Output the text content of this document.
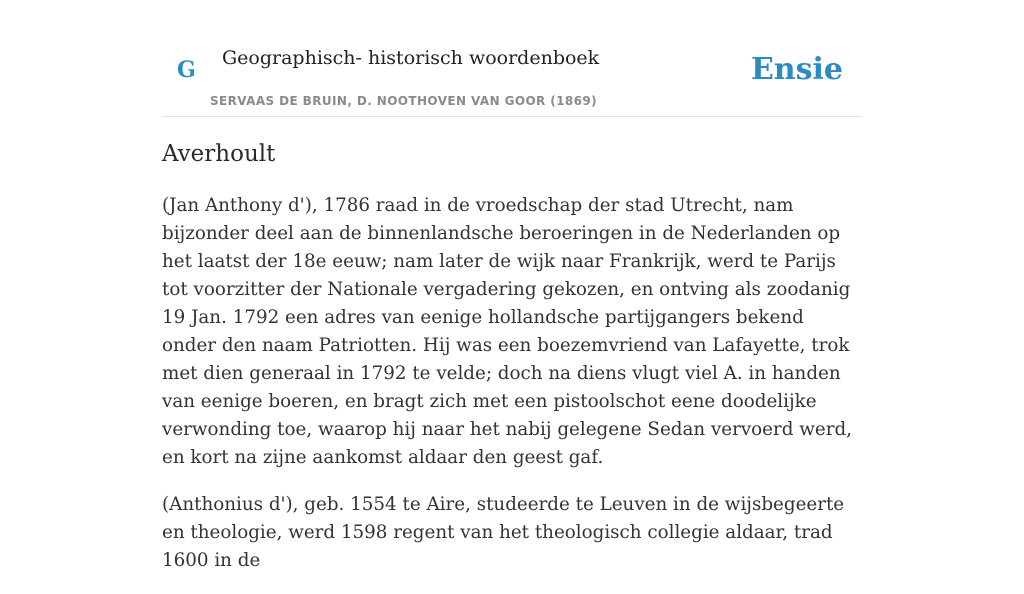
G Geographisch- historisch woordenboek
SERVAAS DE BRUIN, D. NOOTHOVEN VAN GOOR (1869)
Ensie
Averhoult

(Jan Anthony d'), 1786 raad in de vroedschap der stad Utrecht, nam bijzonder deel aan de binnenlandsche beroeringen in de Nederlanden op het laatst der 18e eeuw; nam later de wijk naar Frankrijk, werd te Parijs tot voorzitter der Nationale vergadering gekozen, en ontving als zoodanig 19 Jan. 1792 een adres van eenige hollandsche partijgangers bekend onder den naam Patriotten. Hij was een boezemvriend van Lafayette, trok met dien generaal in 1792 te velde; doch na diens vlugt viel A. in handen van eenige boeren, en bragt zich met een pistoolschot eene doodelijke verwonding toe, waarop hij naar het nabij gelegene Sedan vervoerd werd, en kort na zijne aankomst aldaar den geest gaf.

(Anthonius d'), geb. 1554 te Aire, studeerde te Leuven in de wijsbegeerte en theologie, werd 1598 regent van het theologisch collegie aldaar, trad 1600 in de
